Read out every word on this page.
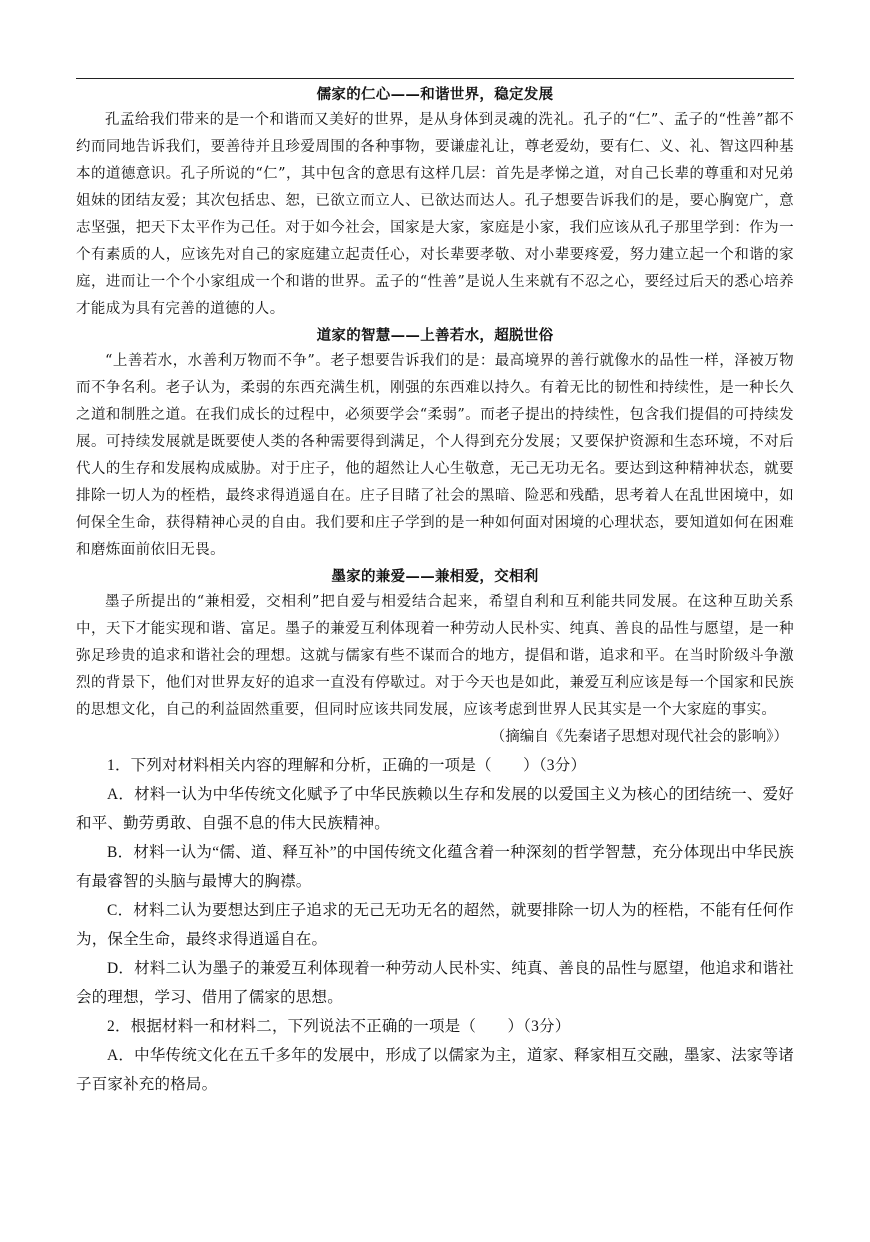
儒家的仁心——和谐世界，稳定发展

孔孟给我们带来的是一个和谐而又美好的世界，是从身体到灵魂的洗礼。孔子的“仁”、孟子的“性善”都不约而同地告诉我们，要善待并且珍爱周围的各种事物，要谦虚礼让，尊老爱幼，要有仁、义、礼、智这四种基本的道德意识。孔子所说的“仁”，其中包含的意思有这样几层：首先是孝悌之道，对自己长辈的尊重和对兄弟姐妹的团结友爱；其次包括忠、恕，已欲立而立人、已欲达而达人。孔子想要告诉我们的是，要心胸宽广，意志坚强，把天下太平作为己任。对于如今社会，国家是大家，家庭是小家，我们应该从孔子那里学到：作为一个有素质的人，应该先对自己的家庭建立起责任心，对长辈要孝敬、对小辈要疼爱，努力建立起一个和谐的家庭，进而让一个个小家组成一个和谐的世界。孟子的“性善”是说人生来就有不忍之心，要经过后天的悉心培养才能成为具有完善的道德的人。

道家的智慧——上善若水，超脱世俗

“上善若水，水善利万物而不争”。老子想要告诉我们的是：最高境界的善行就像水的品性一样，泽被万物而不争名利。老子认为，柔弱的东西充满生机，刚强的东西难以持久。有着无比的韧性和持续性，是一种长久之道和制胜之道。在我们成长的过程中，必须要学会“柔弱”。而老子提出的持续性，包含我们提倡的可持续发展。可持续发展就是既要使人类的各种需要得到满足，个人得到充分发展；又要保护资源和生态环境，不对后代人的生存和发展构成威胁。对于庄子，他的超然让人心生敬意，无己无功无名。要达到这种精神状态，就要排除一切人为的桎梏，最终求得逍遥自在。庄子目睹了社会的黑暗、险恶和残酷，思考着人在乱世困境中，如何保全生命，获得精神心灵的自由。我们要和庄子学到的是一种如何面对困境的心理状态，要知道如何在困难和磨炼面前依旧无畏。

墨家的兼爱——兼相爱，交相利

墨子所提出的“兼相爱，交相利”把自爱与相爱结合起来，希望自利和互利能共同发展。在这种互助关系中，天下才能实现和谐、富足。墨子的兼爱互利体现着一种劳动人民朴实、纯真、善良的品性与愿望，是一种弥足珍贵的追求和谐社会的理想。这就与儒家有些不谋而合的地方，提倡和谐，追求和平。在当时阶级斗争激烈的背景下，他们对世界友好的追求一直没有停歇过。对于今天也是如此，兼爱互利应该是每一个国家和民族的思想文化，自己的利益固然重要，但同时应该共同发展，应该考虑到世界人民其实是一个大家庭的事实。

（摘编自《先秦诸子思想对现代社会的影响》）

1．下列对材料相关内容的理解和分析，正确的一项是（　　）（3分）

A．材料一认为中华传统文化赋予了中华民族赖以生存和发展的以爱国主义为核心的团结统一、爱好和平、勤劳勇敢、自强不息的伟大民族精神。

B．材料一认为“儒、道、释互补”的中国传统文化蕴含着一种深刻的哲学智慧，充分体现出中华民族有最睿智的头脑与最博大的胸襟。

C．材料二认为要想达到庄子追求的无己无功无名的超然，就要排除一切人为的桎梏，不能有任何作为，保全生命，最终求得逍遥自在。

D．材料二认为墨子的兼爱互利体现着一种劳动人民朴实、纯真、善良的品性与愿望，他追求和谐社会的理想，学习、借用了儒家的思想。

2．根据材料一和材料二，下列说法不正确的一项是（　　）（3分）

A．中华传统文化在五千多年的发展中，形成了以儒家为主，道家、释家相互交融，墨家、法家等诸子百家补充的格局。
